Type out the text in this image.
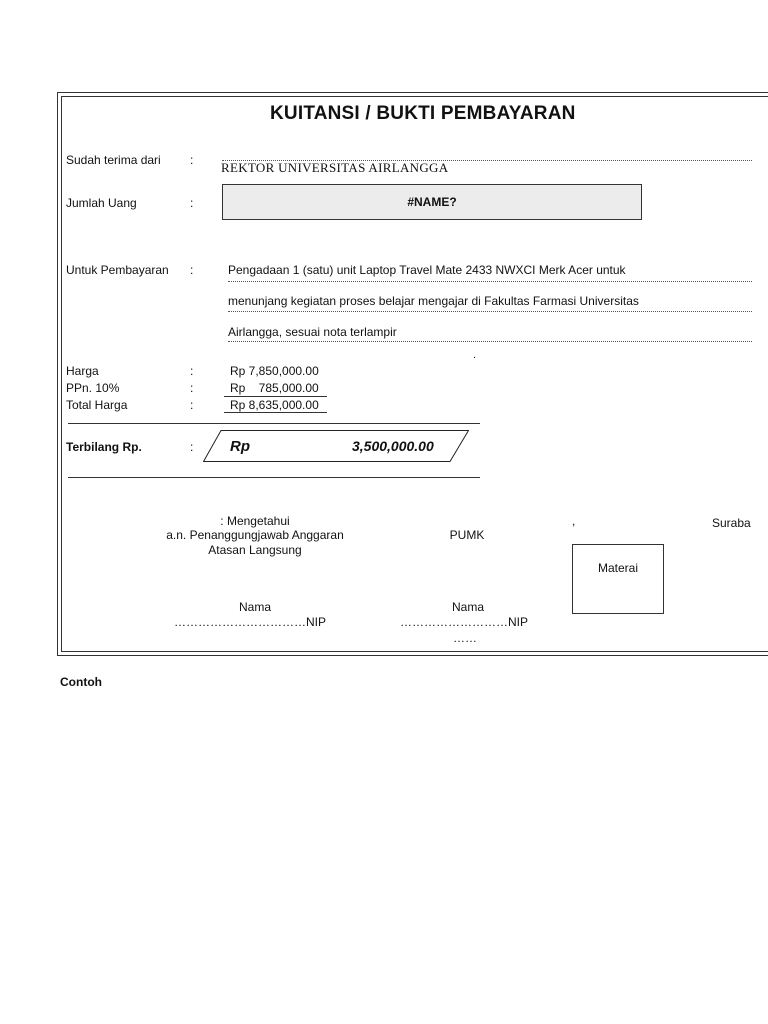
KUITANSI / BUKTI PEMBAYARAN
Sudah terima dari : REKTOR UNIVERSITAS AIRLANGGA
Jumlah Uang	:	#NAME?
Untuk Pembayaran :	Pengadaan 1 (satu) unit Laptop Travel Mate 2433 NWXCI Merk Acer untuk
menunjang kegiatan proses belajar mengajar di Fakultas Farmasi Universitas
Airlangga, sesuai nota terlampir
.
Harga	:	Rp 7,850,000.00
PPn. 10%	:	Rp    785,000.00
Total Harga	:	Rp 8,635,000.00
Terbilang Rp.	: Rp	3,500,000.00
: Mengetahui
a.n. Penanggungjawab Anggaran
Atasan Langsung
PUMK
,	Suraba
Materai
Nama
……………………………NIP
Nama
………………………NIP
……
Contoh
